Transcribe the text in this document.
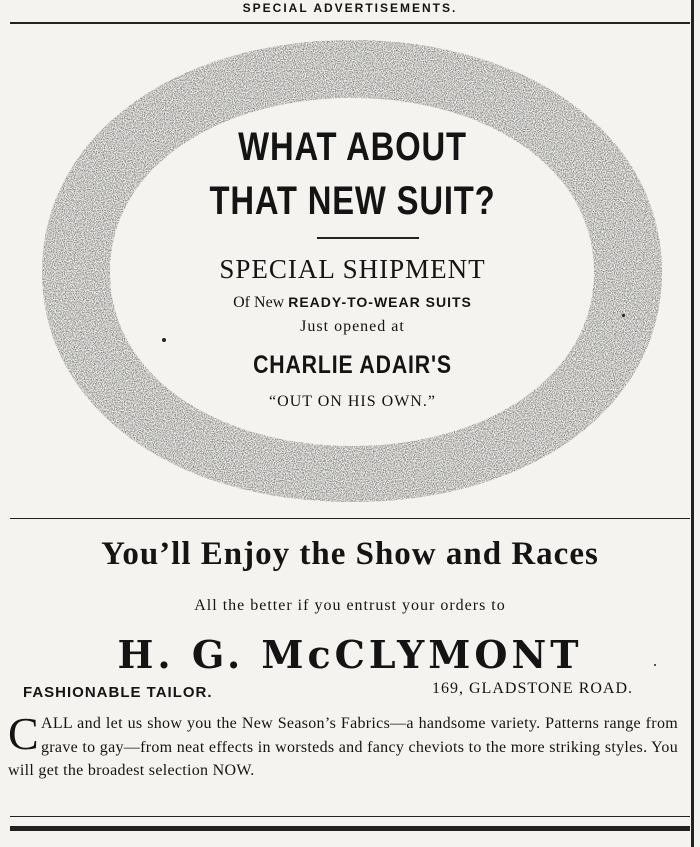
SPECIAL ADVERTISEMENTS.
WHAT ABOUT
THAT NEW SUIT?
SPECIAL SHIPMENT
Of New READY-TO-WEAR SUITS
Just opened at
CHARLIE ADAIR'S
“OUT ON HIS OWN.”
You’ll Enjoy the Show and Races
All the better if you entrust your orders to
H. G. McCLYMONT
FASHIONABLE TAILOR.	169, GLADSTONE ROAD.
C ALL and let us show you the New Season’s Fabrics—a handsome variety. Patterns range from grave to gay—from neat effects in worsteds and fancy cheviots to the more striking styles. You will get the broadest selection NOW.
